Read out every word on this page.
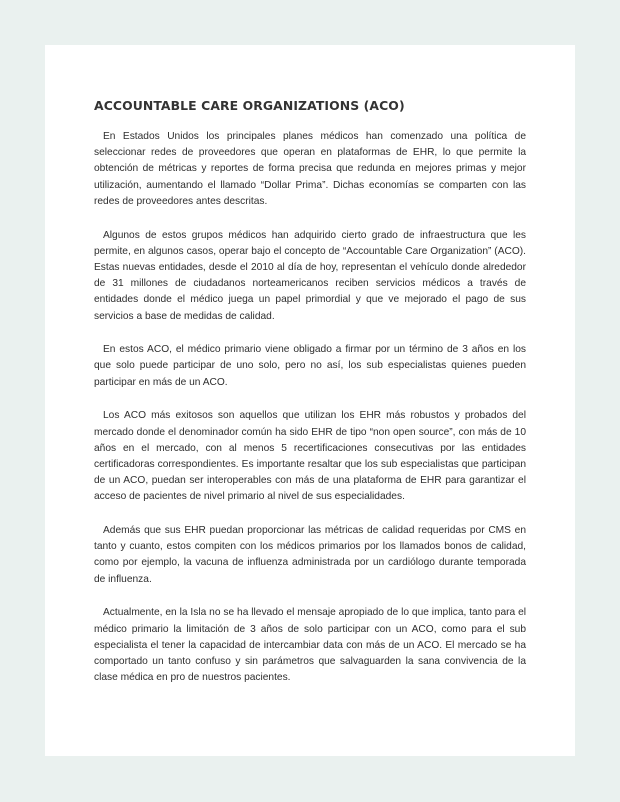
ACCOUNTABLE CARE ORGANIZATIONS (ACO)

En Estados Unidos los principales planes médicos han comenzado una política de seleccionar redes de proveedores que operan en plataformas de EHR, lo que permite la obtención de métricas y reportes de forma precisa que redunda en mejores primas y mejor utilización, aumentando el llamado “Dollar Prima”. Dichas economías se comparten con las redes de proveedores antes descritas.

Algunos de estos grupos médicos han adquirido cierto grado de infraestructura que les permite, en algunos casos, operar bajo el concepto de “Accountable Care Organization” (ACO). Estas nuevas entidades, desde el 2010 al día de hoy, representan el vehículo donde alrededor de 31 millones de ciudadanos norteamericanos reciben servicios médicos a través de entidades donde el médico juega un papel primordial y que ve mejorado el pago de sus servicios a base de medidas de calidad.

En estos ACO, el médico primario viene obligado a firmar por un término de 3 años en los que solo puede participar de uno solo, pero no así, los sub especialistas quienes pueden participar en más de un ACO.

Los ACO más exitosos son aquellos que utilizan los EHR más robustos y probados del mercado donde el denominador común ha sido EHR de tipo “non open source”, con más de 10 años en el mercado, con al menos 5 recertificaciones consecutivas por las entidades certificadoras correspondientes. Es importante resaltar que los sub especialistas que participan de un ACO, puedan ser interoperables con más de una plataforma de EHR para garantizar el acceso de pacientes de nivel primario al nivel de sus especialidades.

Además que sus EHR puedan proporcionar las métricas de calidad requeridas por CMS en tanto y cuanto, estos compiten con los médicos primarios por los llamados bonos de calidad, como por ejemplo, la vacuna de influenza administrada por un cardiólogo durante temporada de influenza.

Actualmente, en la Isla no se ha llevado el mensaje apropiado de lo que implica, tanto para el médico primario la limitación de 3 años de solo participar con un ACO, como para el sub especialista el tener la capacidad de intercambiar data con más de un ACO. El mercado se ha comportado un tanto confuso y sin parámetros que salvaguarden la sana convivencia de la clase médica en pro de nuestros pacientes.
